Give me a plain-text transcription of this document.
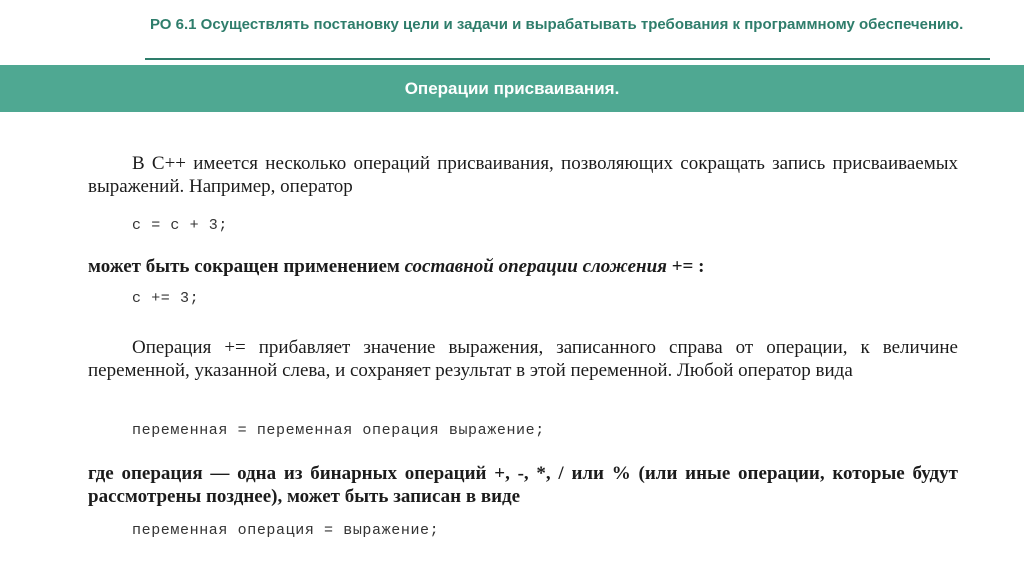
РО 6.1 Осуществлять постановку цели и задачи и вырабатывать требования к программному обеспечению.
Операции присваивания.

В C++ имеется несколько операций присваивания, позволяющих сокращать запись присваиваемых выражений. Например, оператор

c = c + 3;

может быть сокращен применением составной операции сложения += :

c += 3;

Операция += прибавляет значение выражения, записанного справа от операции, к величине переменной, указанной слева, и сохраняет результат в этой переменной. Любой оператор вида

переменная = переменная операция выражение;

где операция — одна из бинарных операций +, -, *, / или % (или иные операции, которые будут рассмотрены позднее), может быть записан в виде

переменная операция = выражение;
